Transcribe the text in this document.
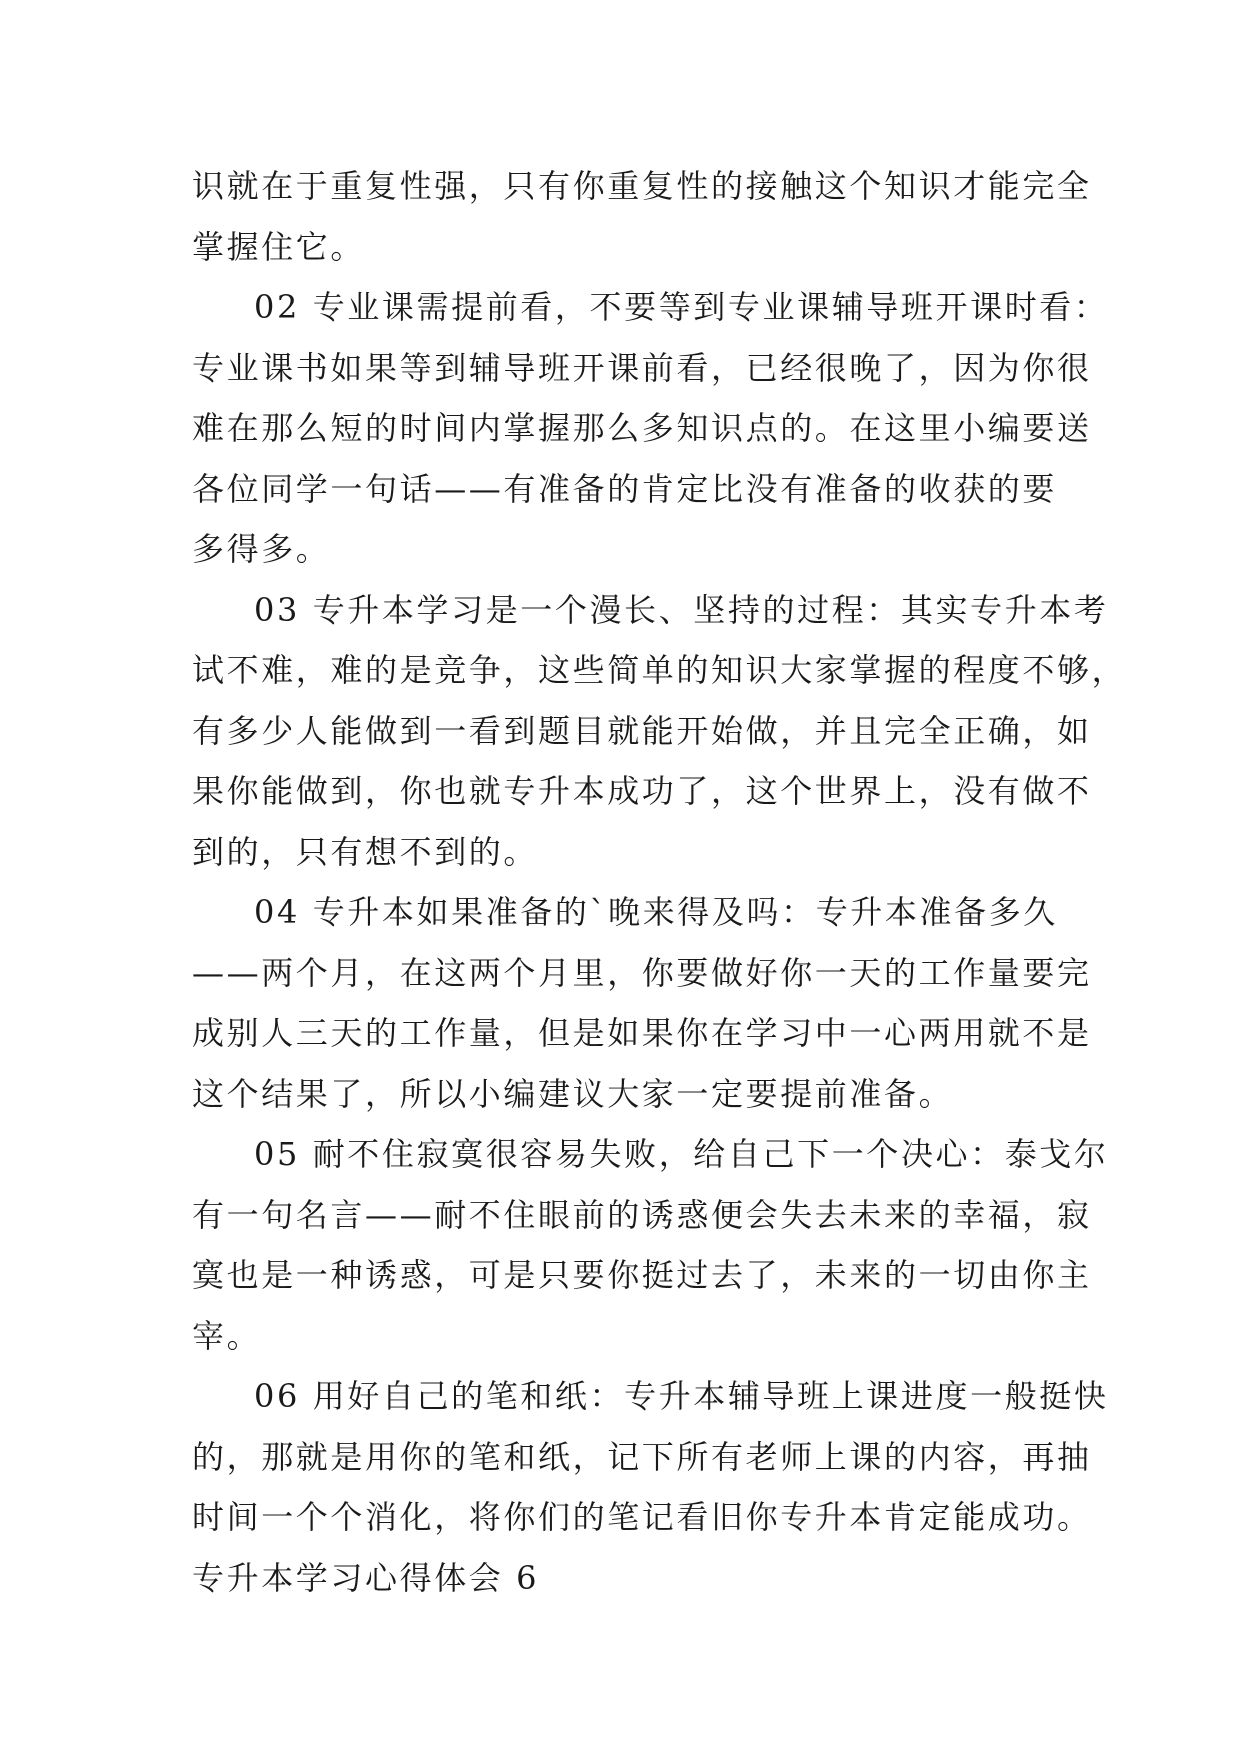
识就在于重复性强，只有你重复性的接触这个知识才能完全
掌握住它。
02 专业课需提前看，不要等到专业课辅导班开课时看：
专业课书如果等到辅导班开课前看，已经很晚了，因为你很
难在那么短的时间内掌握那么多知识点的。在这里小编要送
各位同学一句话——有准备的肯定比没有准备的收获的要
多得多。
03 专升本学习是一个漫长、坚持的过程：其实专升本考
试不难，难的是竞争，这些简单的知识大家掌握的程度不够，
有多少人能做到一看到题目就能开始做，并且完全正确，如
果你能做到，你也就专升本成功了，这个世界上，没有做不
到的，只有想不到的。
04 专升本如果准备的`晚来得及吗：专升本准备多久
——两个月，在这两个月里，你要做好你一天的工作量要完
成别人三天的工作量，但是如果你在学习中一心两用就不是
这个结果了，所以小编建议大家一定要提前准备。
05 耐不住寂寞很容易失败，给自己下一个决心：泰戈尔
有一句名言——耐不住眼前的诱惑便会失去未来的幸福，寂
寞也是一种诱惑，可是只要你挺过去了，未来的一切由你主
宰。
06 用好自己的笔和纸：专升本辅导班上课进度一般挺快
的，那就是用你的笔和纸，记下所有老师上课的内容，再抽
时间一个个消化，将你们的笔记看旧你专升本肯定能成功。
专升本学习心得体会 6
